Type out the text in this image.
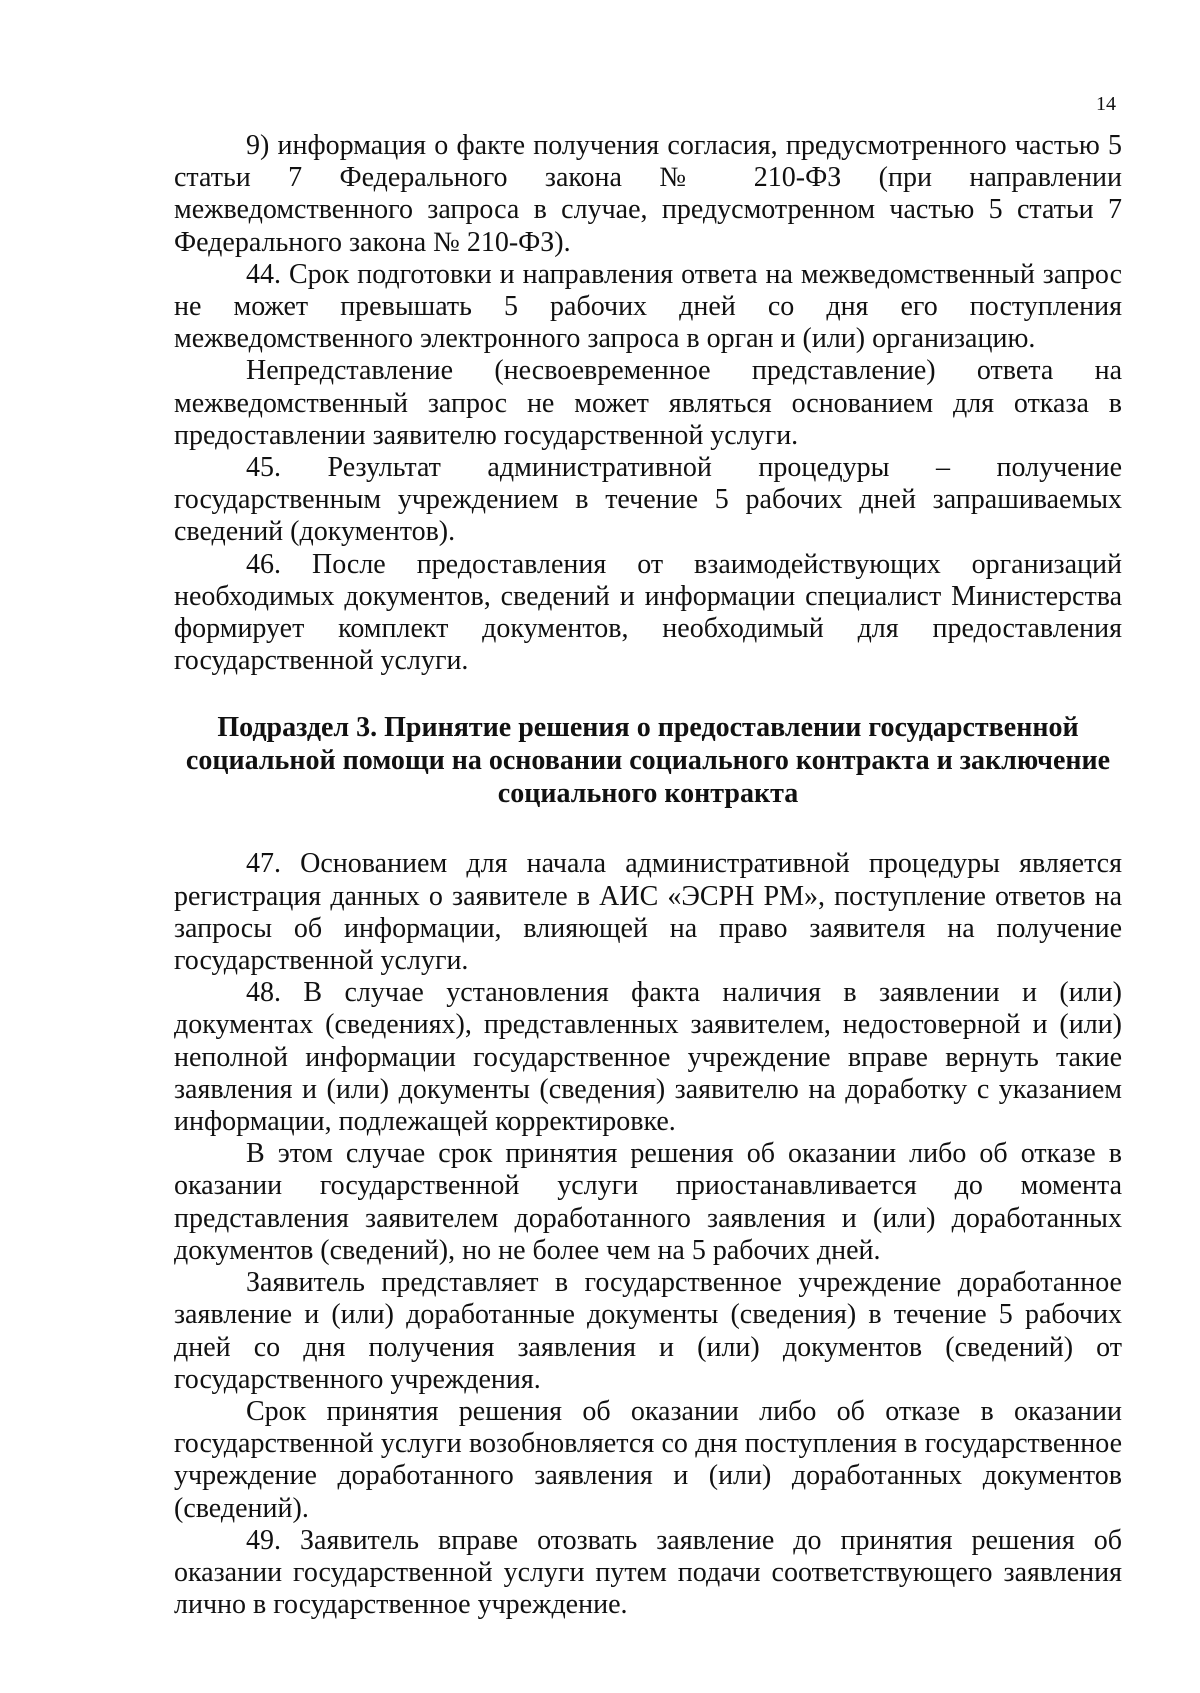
14

9) информация о факте получения согласия, предусмотренного частью 5 статьи 7 Федерального закона № 210-ФЗ (при направлении межведомственного запроса в случае, предусмотренном частью 5 статьи 7 Федерального закона № 210-ФЗ).

44. Срок подготовки и направления ответа на межведомственный запрос не может превышать 5 рабочих дней со дня его поступления межведомственного электронного запроса в орган и (или) организацию.

Непредставление (несвоевременное представление) ответа на межведомственный запрос не может являться основанием для отказа в предоставлении заявителю государственной услуги.

45. Результат административной процедуры – получение государственным учреждением в течение 5 рабочих дней запрашиваемых сведений (документов).

46. После предоставления от взаимодействующих организаций необходимых документов, сведений и информации специалист Министерства формирует комплект документов, необходимый для предоставления государственной услуги.

Подраздел 3. Принятие решения о предоставлении государственной социальной помощи на основании социального контракта и заключение социального контракта

47. Основанием для начала административной процедуры является регистрация данных о заявителе в АИС «ЭСРН РМ», поступление ответов на запросы об информации, влияющей на право заявителя на получение государственной услуги.

48. В случае установления факта наличия в заявлении и (или) документах (сведениях), представленных заявителем, недостоверной и (или) неполной информации государственное учреждение вправе вернуть такие заявления и (или) документы (сведения) заявителю на доработку с указанием информации, подлежащей корректировке.

В этом случае срок принятия решения об оказании либо об отказе в оказании государственной услуги приостанавливается до момента представления заявителем доработанного заявления и (или) доработанных документов (сведений), но не более чем на 5 рабочих дней.

Заявитель представляет в государственное учреждение доработанное заявление и (или) доработанные документы (сведения) в течение 5 рабочих дней со дня получения заявления и (или) документов (сведений) от государственного учреждения.

Срок принятия решения об оказании либо об отказе в оказании государственной услуги возобновляется со дня поступления в государственное учреждение доработанного заявления и (или) доработанных документов (сведений).

49. Заявитель вправе отозвать заявление до принятия решения об оказании государственной услуги путем подачи соответствующего заявления лично в государственное учреждение.
